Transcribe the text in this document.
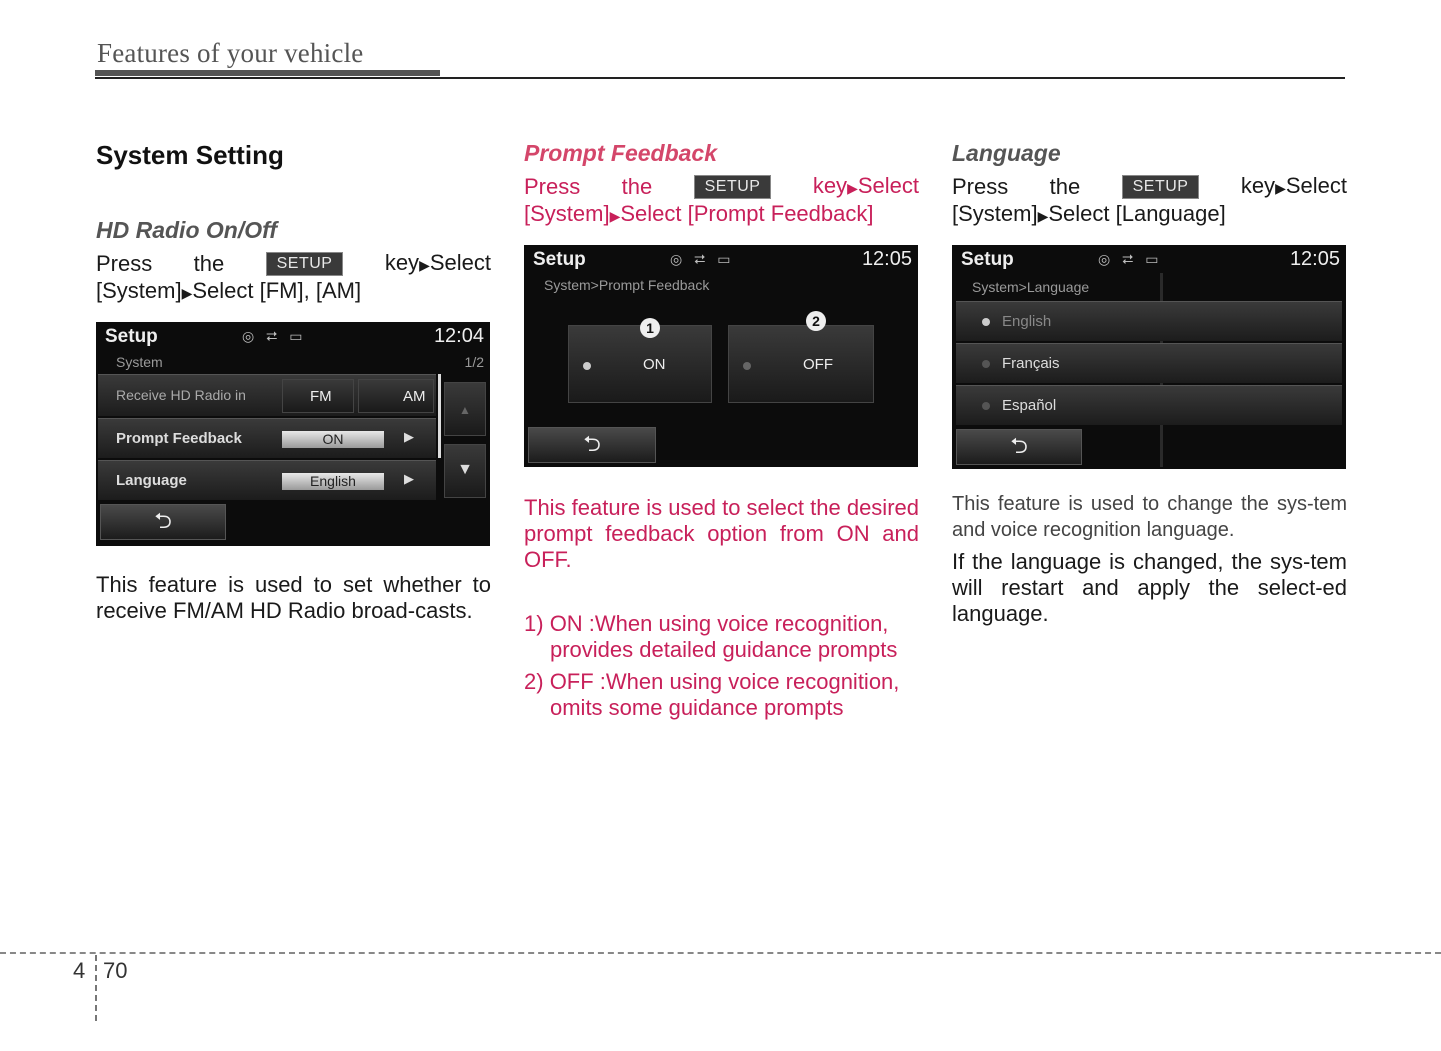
Features of your vehicle
System Setting
HD Radio On/Off
Press the	SETUP	key▶Select
[System]▶Select [FM], [AM]
Setup	◎ ⮂ ▭	12:04
System	1/2
Receive HD Radio in	FM	AM
Prompt Feedback	ON	▶
Language	English	▶
▲
▼
⮌
This feature is used to set whether to receive FM/AM HD Radio broad-casts.
Prompt Feedback
Press the	SETUP	key▶Select
[System]▶Select [Prompt Feedback]
Setup	◎ ⮂ ▭	12:05
System>Prompt Feedback
ON	OFF
1	2
⮌
This feature is used to select the desired prompt feedback option from ON and OFF.
1) ON :When using voice recognition,
provides detailed guidance prompts
2) OFF :When using voice recognition,
omits some guidance prompts
Language
Press the	SETUP	key▶Select
[System]▶Select [Language]
Setup	◎ ⮂ ▭	12:05
System>Language
English
Français
Español
⮌
This feature is used to change the sys-tem and voice recognition language.
If the language is changed, the sys-tem will restart and apply the select-ed language.
4 70
